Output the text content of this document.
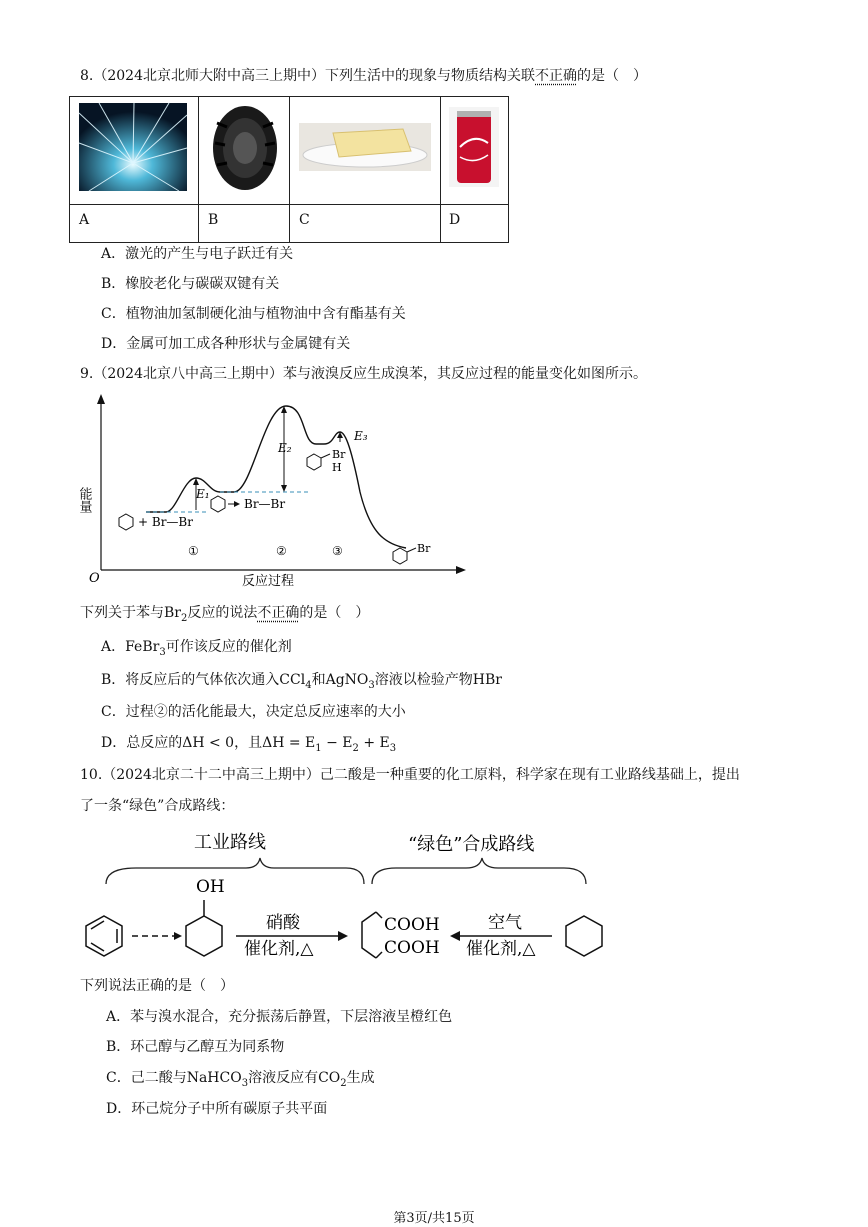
8.（2024北京北师大附中高三上期中）下列生活中的现象与物质结构关联不正确的是（　）
A	B	C	D
A．激光的产生与电子跃迁有关
B．橡胶老化与碳碳双键有关
C．植物油加氢制硬化油与植物油中含有酯基有关
D．金属可加工成各种形状与金属键有关
9.（2024北京八中高三上期中）苯与液溴反应生成溴苯，其反应过程的能量变化如图所示。
O
能量
反应过程
E₁
E₂
E₃
+ Br—Br
Br—Br
Br
H
Br
①	②	③
下列关于苯与$Br_2$反应的说法不正确的是（　）
A．FeBr$_3$可作该反应的催化剂
B．将反应后的气体依次通入CCl$_4$和AgNO$_3$溶液以检验产物HBr
C．过程②的活化能最大，决定总反应速率的大小
D．总反应的ΔH < 0，且$\Delta H = E_1 - E_2 + E_3$
10.（2024北京二十二中高三上期中）己二酸是一种重要的化工原料，科学家在现有工业路线基础上，提出
了一条“绿色”合成路线：
工业路线	“绿色”合成路线
OH
硝酸
催化剂,△
COOH
COOH
空气
催化剂,△
下列说法正确的是（　）
A．苯与溴水混合，充分振荡后静置，下层溶液呈橙红色
B．环己醇与乙醇互为同系物
C．己二酸与NaHCO$_3$溶液反应有$CO_2$生成
D．环己烷分子中所有碳原子共平面
第3页/共15页
